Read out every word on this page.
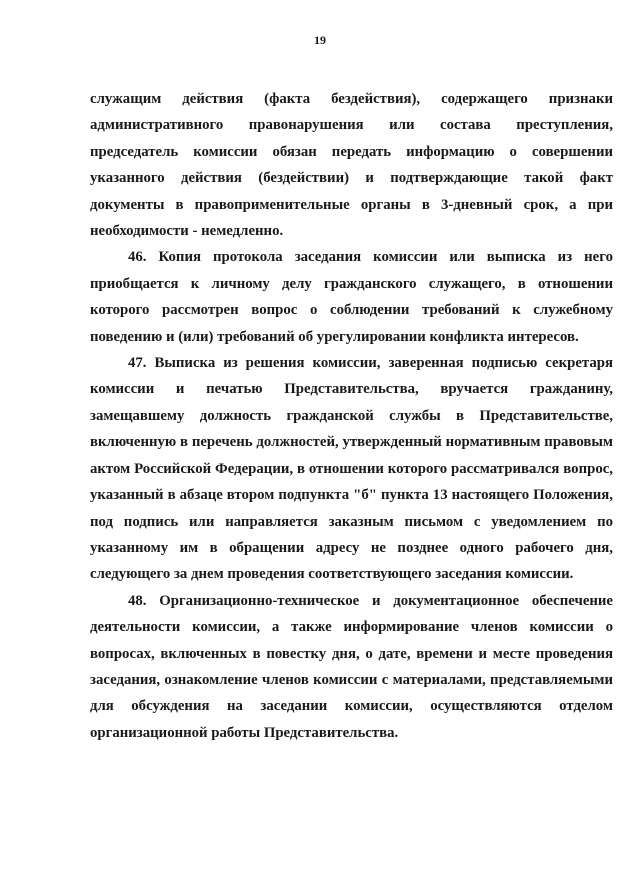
19

служащим действия (факта бездействия), содержащего признаки административного правонарушения или состава преступления, председатель комиссии обязан передать информацию о совершении указанного действия (бездействии) и подтверждающие такой факт документы в правоприменительные органы в 3-дневный срок, а при необходимости - немедленно.

46. Копия протокола заседания комиссии или выписка из него приобщается к личному делу гражданского служащего, в отношении которого рассмотрен вопрос о соблюдении требований к служебному поведению и (или) требований об урегулировании конфликта интересов.

47. Выписка из решения комиссии, заверенная подписью секретаря комиссии и печатью Представительства, вручается гражданину, замещавшему должность гражданской службы в Представительстве, включенную в перечень должностей, утвержденный нормативным правовым актом Российской Федерации, в отношении которого рассматривался вопрос, указанный в абзаце втором подпункта "б" пункта 13 настоящего Положения, под подпись или направляется заказным письмом с уведомлением по указанному им в обращении адресу не позднее одного рабочего дня, следующего за днем проведения соответствующего заседания комиссии.

48. Организационно-техническое и документационное обеспечение деятельности комиссии, а также информирование членов комиссии о вопросах, включенных в повестку дня, о дате, времени и месте проведения заседания, ознакомление членов комиссии с материалами, представляемыми для обсуждения на заседании комиссии, осуществляются отделом организационной работы Представительства.
